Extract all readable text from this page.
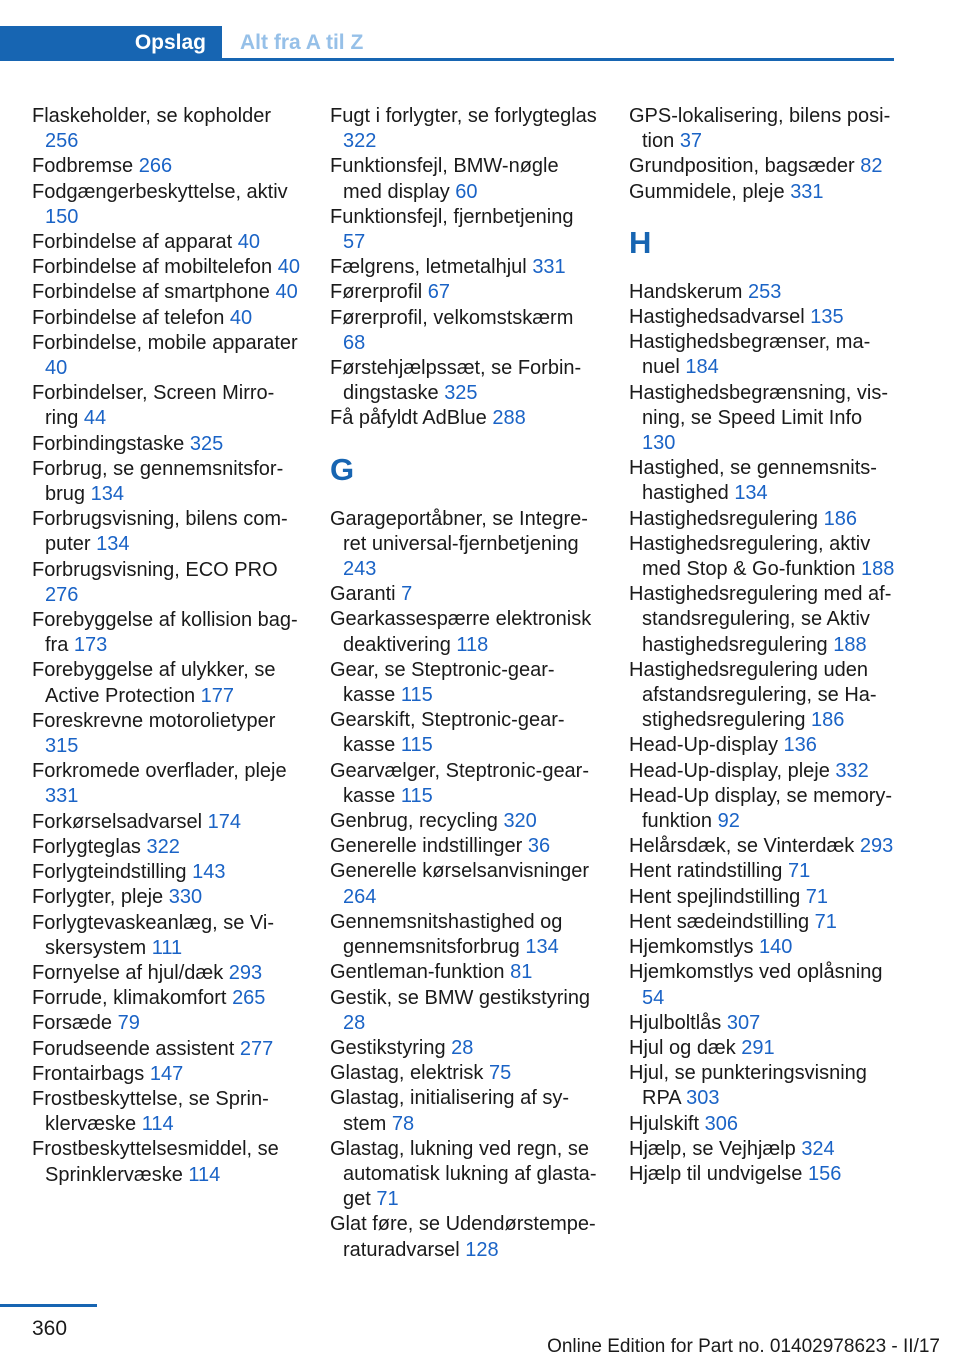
Opslag Alt fra A til Z
Flaskeholder, se kopholder 256
Fodbremse 266
Fodgængerbeskyttelse, aktiv 150
Forbindelse af apparat 40
Forbindelse af mobiltelefon 40
Forbindelse af smartphone 40
Forbindelse af telefon 40
Forbindelse, mobile apparater 40
Forbindelser, Screen Mirroring 44
Forbindingstaske 325
Forbrug, se gennemsnitsforbrug 134
Forbrugsvisning, bilens computer 134
Forbrugsvisning, ECO PRO 276
Forebyggelse af kollision bagfra 173
Forebyggelse af ulykker, se Active Protection 177
Foreskrevne motorolietyper 315
Forkromede overflader, pleje 331
Forkørselsadvarsel 174
Forlygteglas 322
Forlygteindstilling 143
Forlygter, pleje 330
Forlygtevaskeanlæg, se Viskersystem 111
Fornyelse af hjul/dæk 293
Forrude, klimakomfort 265
Forsæde 79
Forudseende assistent 277
Frontairbags 147
Frostbeskyttelse, se Sprinklervæske 114
Frostbeskyttelsesmiddel, se Sprinklervæske 114
Fugt i forlygter, se forlygteglas 322
Funktionsfejl, BMW-nøgle med display 60
Funktionsfejl, fjernbetjening 57
Fælgrens, letmetalhjul 331
Førerprofil 67
Førerprofil, velkomstskærm 68
Førstehjælpssæt, se Forbindingstaske 325
Få påfyldt AdBlue 288
G
Garageportåbner, se Integreret universal-fjernbetjening 243
Garanti 7
Gearkassespærre elektronisk deaktivering 118
Gear, se Steptronic-gearkasse 115
Gearskift, Steptronic-gearkasse 115
Gearvælger, Steptronic-gearkasse 115
Genbrug, recycling 320
Generelle indstillinger 36
Generelle kørselsanvisninger 264
Gennemsnitshastighed og gennemsnitsforbrug 134
Gentleman-funktion 81
Gestik, se BMW gestikstyring 28
Gestikstyring 28
Glastag, elektrisk 75
Glastag, initialisering af system 78
Glastag, lukning ved regn, se automatisk lukning af glastaget 71
Glat føre, se Udendørstemperaturadvarsel 128
GPS-lokalisering, bilens position 37
Grundposition, bagsæder 82
Gummidele, pleje 331
H
Handskerum 253
Hastighedsadvarsel 135
Hastighedsbegrænser, manuel 184
Hastighedsbegrænsning, visning, se Speed Limit Info 130
Hastighed, se gennemsnitshastighed 134
Hastighedsregulering 186
Hastighedsregulering, aktiv med Stop & Go-funktion 188
Hastighedsregulering med afstandsregulering, se Aktiv hastighedsregulering 188
Hastighedsregulering uden afstandsregulering, se Hastighedsregulering 186
Head-Up-display 136
Head-Up-display, pleje 332
Head-Up display, se memory-funktion 92
Helårsdæk, se Vinterdæk 293
Hent ratindstilling 71
Hent spejlindstilling 71
Hent sædeindstilling 71
Hjemkomstlys 140
Hjemkomstlys ved oplåsning 54
Hjulboltlås 307
Hjul og dæk 291
Hjul, se punkteringsvisning RPA 303
Hjulskift 306
Hjælp, se Vejhjælp 324
Hjælp til undvigelse 156
360
Online Edition for Part no. 01402978623 - II/17
